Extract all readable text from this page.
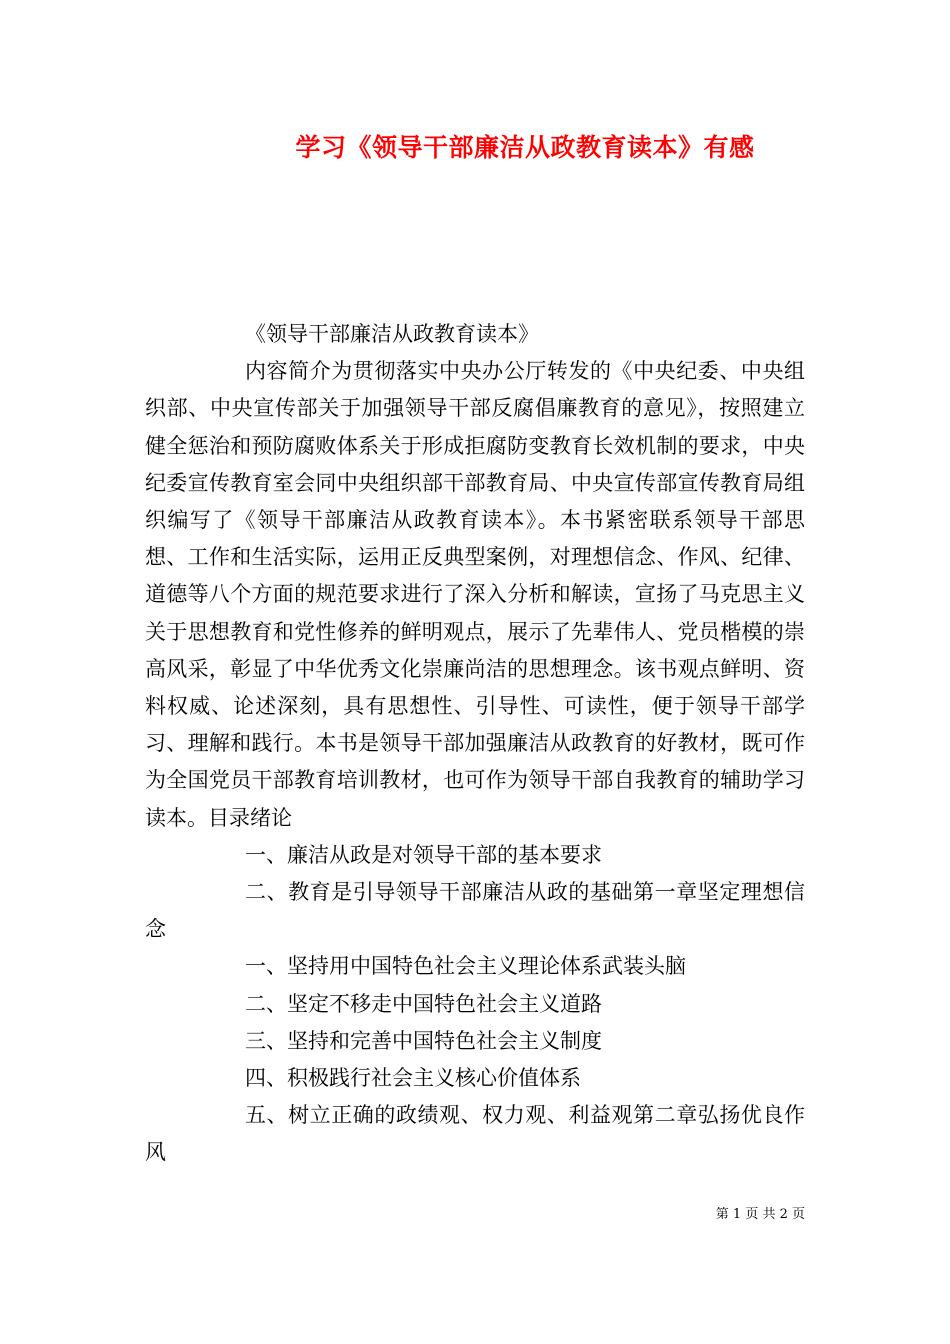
学习《领导干部廉洁从政教育读本》有感

《领导干部廉洁从政教育读本》

内容简介为贯彻落实中央办公厅转发的《中央纪委、中央组织部、中央宣传部关于加强领导干部反腐倡廉教育的意见》，按照建立健全惩治和预防腐败体系关于形成拒腐防变教育长效机制的要求，中央纪委宣传教育室会同中央组织部干部教育局、中央宣传部宣传教育局组织编写了《领导干部廉洁从政教育读本》。本书紧密联系领导干部思想、工作和生活实际，运用正反典型案例，对理想信念、作风、纪律、道德等八个方面的规范要求进行了深入分析和解读，宣扬了马克思主义关于思想教育和党性修养的鲜明观点，展示了先辈伟人、党员楷模的崇高风采，彰显了中华优秀文化崇廉尚洁的思想理念。该书观点鲜明、资料权威、论述深刻，具有思想性、引导性、可读性，便于领导干部学习、理解和践行。本书是领导干部加强廉洁从政教育的好教材，既可作为全国党员干部教育培训教材，也可作为领导干部自我教育的辅助学习读本。目录绪论

一、廉洁从政是对领导干部的基本要求

二、教育是引导领导干部廉洁从政的基础第一章坚定理想信念

一、坚持用中国特色社会主义理论体系武装头脑

二、坚定不移走中国特色社会主义道路

三、坚持和完善中国特色社会主义制度

四、积极践行社会主义核心价值体系

五、树立正确的政绩观、权力观、利益观第二章弘扬优良作风

第 1 页 共 2 页
